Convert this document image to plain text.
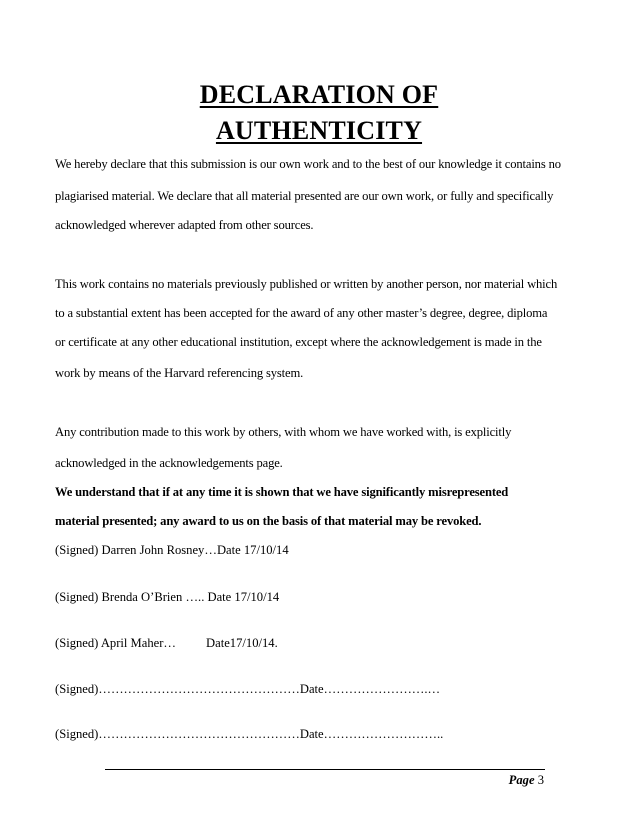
DECLARATION OF
AUTHENTICITY
We hereby declare that this submission is our own work and to the best of our knowledge it contains no
plagiarised material. We declare that all material presented are our own work, or fully and specifically
acknowledged wherever adapted from other sources.
This work contains no materials previously published or written by another person, nor material which
to a substantial extent has been accepted for the award of any other master’s degree, degree, diploma
or certificate at any other educational institution, except where the acknowledgement is made in the
work by means of the Harvard referencing system.
Any contribution made to this work by others, with whom we have worked with, is explicitly
acknowledged in the acknowledgements page.
We understand that if at any time it is shown that we have significantly misrepresented
material presented; any award to us on the basis of that material may be revoked.
(Signed) Darren John Rosney…Date 17/10/14
(Signed) Brenda O’Brien ….. Date 17/10/14
(Signed) April Maher… Date17/10/14.
(Signed)…………………………………………Date…………………….…
(Signed)…………………………………………Date………………………..
Page 3
